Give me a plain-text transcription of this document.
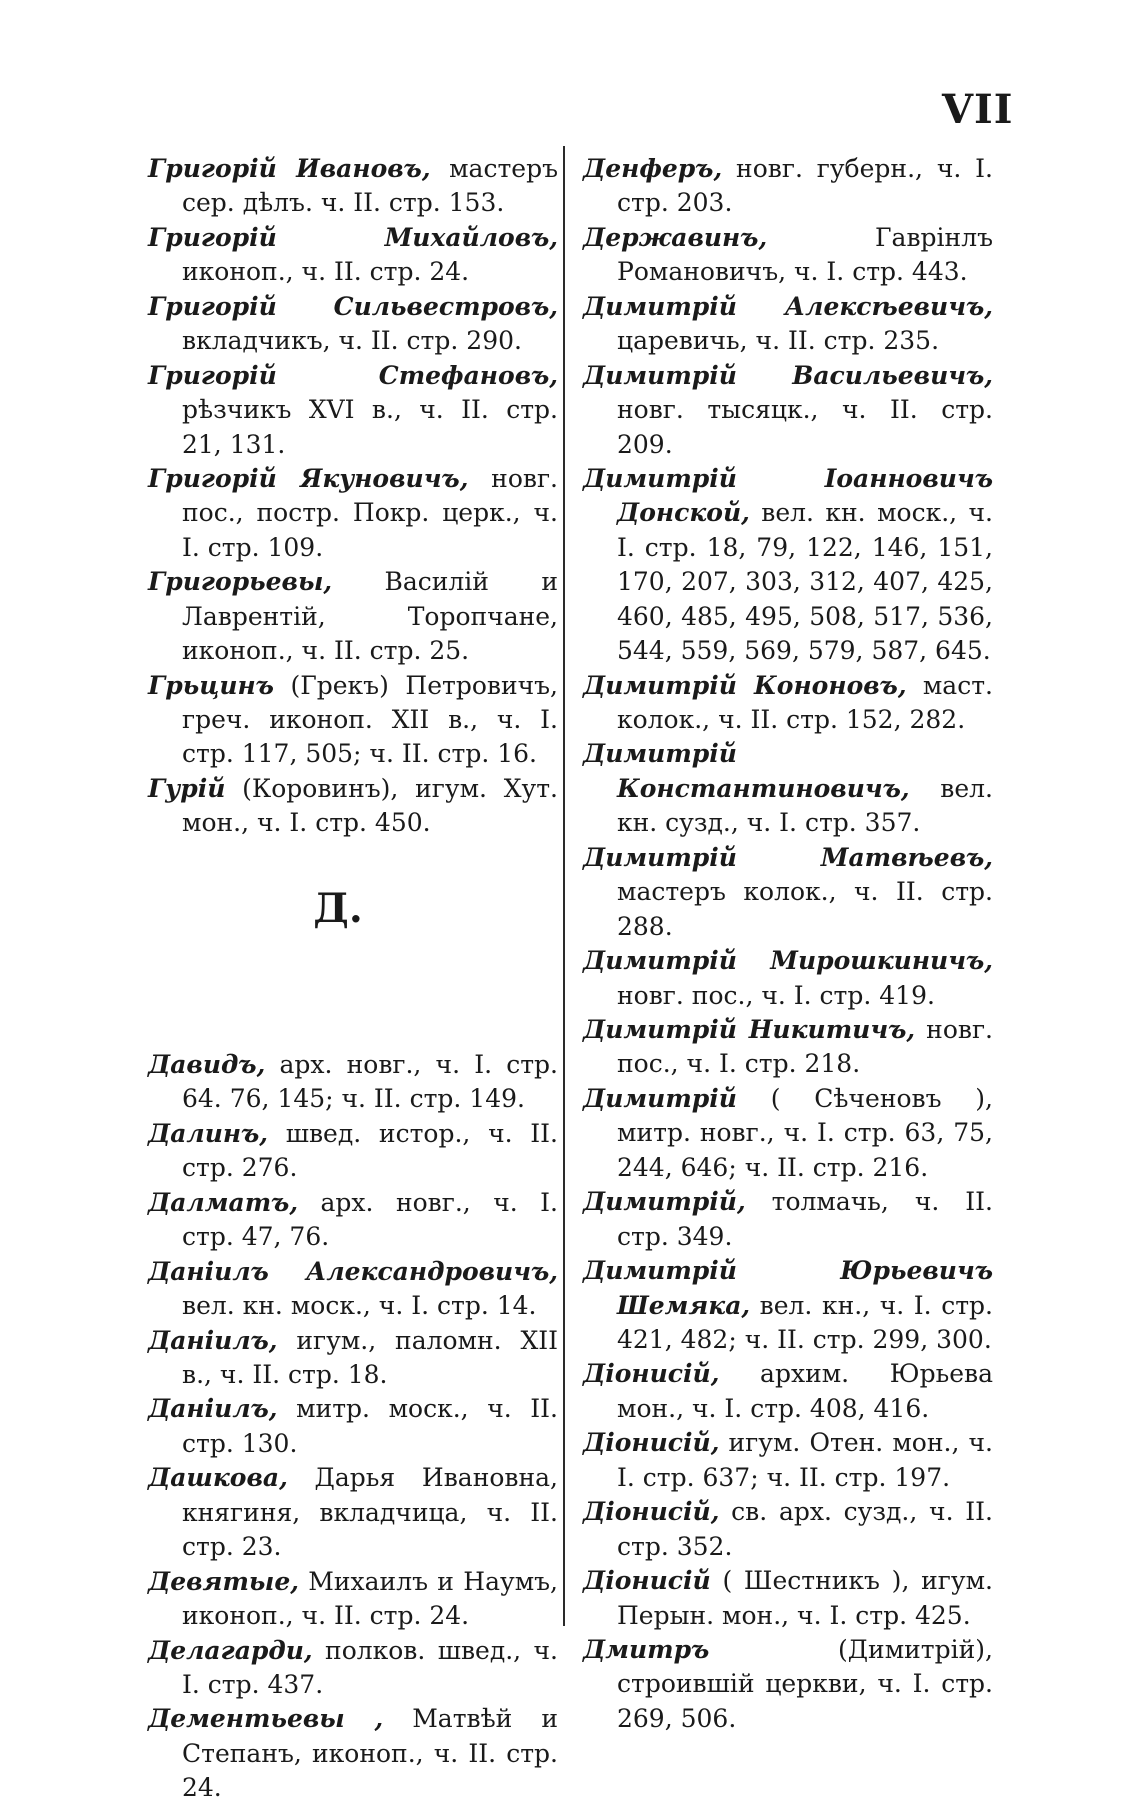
VII

Григорій Ивановъ, мастеръ сер. дѣлъ. ч. II. стр. 153.

Григорій Михайловъ, иконоп., ч. II. стр. 24.

Григорій Сильвестровъ, вкладчикъ, ч. II. стр. 290.

Григорій Стефановъ, рѣзчикъ XVI в., ч. II. стр. 21, 131.

Григорій Якуновичъ, новг. пос., постр. Покр. церк., ч. I. стр. 109.

Григорьевы, Василій и Лаврентій, Торопчане, иконоп., ч. II. стр. 25.

Грьцинъ (Грекъ) Петровичъ, греч. иконоп. XII в., ч. I. стр. 117, 505; ч. II. стр. 16.

Гурій (Коровинъ), игум. Хут. мон., ч. I. стр. 450.

Д.

Давидъ, арх. новг., ч. I. стр. 64. 76, 145; ч. II. стр. 149.

Далинъ, швед. истор., ч. II. стр. 276.

Далматъ, арх. новг., ч. I. стр. 47, 76.

Даніилъ Александровичъ, вел. кн. моск., ч. I. стр. 14.

Даніилъ, игум., паломн. XII в., ч. II. стр. 18.

Даніилъ, митр. моск., ч. II. стр. 130.

Дашкова, Дарья Ивановна, княгиня, вкладчица, ч. II. стр. 23.

Девятые, Михаилъ и Наумъ, иконоп., ч. II. стр. 24.

Делагарди, полков. швед., ч. I. стр. 437.

Дементьевы , Матвѣй и Степанъ, иконоп., ч. II. стр. 24.

Денферъ, новг. губерн., ч. I. стр. 203.

Державинъ, Гаврінлъ Романовичъ, ч. I. стр. 443.

Димитрій Алексѣевичъ, царевичь, ч. II. стр. 235.

Димитрій Васильевичъ, новг. тысяцк., ч. II. стр. 209.

Димитрій Іоанновичъ Донской, вел. кн. моск., ч. I. стр. 18, 79, 122, 146, 151, 170, 207, 303, 312, 407, 425, 460, 485, 495, 508, 517, 536, 544, 559, 569, 579, 587, 645.

Димитрій Кононовъ, маст. колок., ч. II. стр. 152, 282.

Димитрій Константиновичъ, вел. кн. сузд., ч. I. стр. 357.

Димитрій Матвѣевъ, мастеръ колок., ч. II. стр. 288.

Димитрій Мирошкиничъ, новг. пос., ч. I. стр. 419.

Димитрій Никитичъ, новг. пос., ч. I. стр. 218.

Димитрій ( Сѣченовъ ), митр. новг., ч. I. стр. 63, 75, 244, 646; ч. II. стр. 216.

Димитрій, толмачь, ч. II. стр. 349.

Димитрій Юрьевичъ Шемяка, вел. кн., ч. I. стр. 421, 482; ч. II. стр. 299, 300.

Діонисій, архим. Юрьева мон., ч. I. стр. 408, 416.

Діонисій, игум. Отен. мон., ч. I. стр. 637; ч. II. стр. 197.

Діонисій, св. арх. сузд., ч. II. стр. 352.

Діонисій ( Шестникъ ), игум. Перын. мон., ч. I. стр. 425.

Дмитръ (Димитрій), строившій церкви, ч. I. стр. 269, 506.
